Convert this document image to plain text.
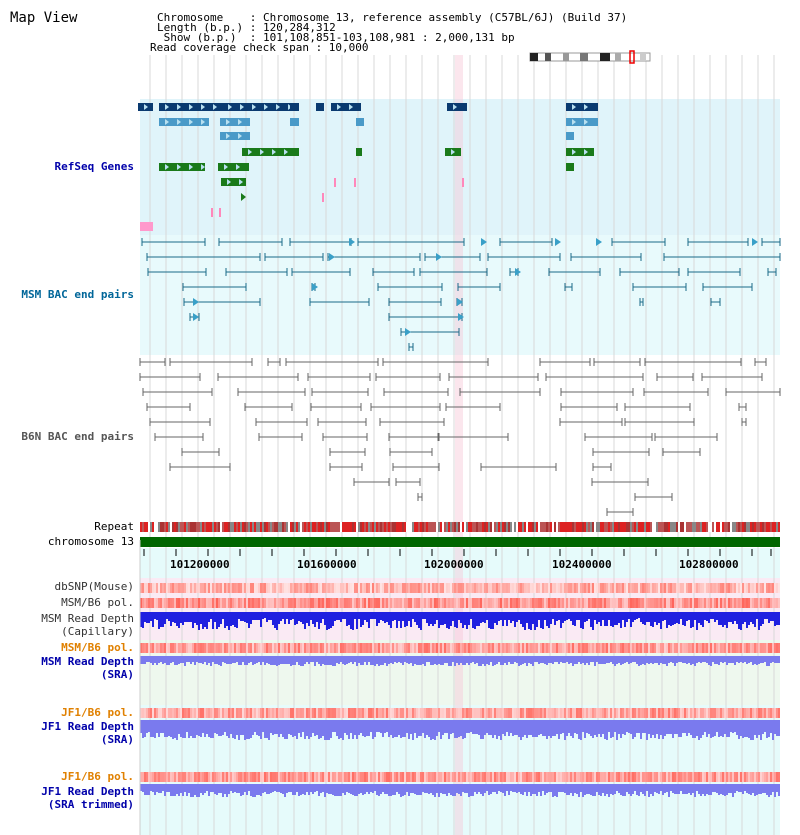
Map View	Chromosome    : Chromosome 13, reference assembly (C57BL/6J) (Build 37)
Length (b.p.) : 120,284,312
Show (b.p.)  : 101,108,851-103,108,981 : 2,000,131 bp
Read coverage check span : 10,000
RefSeq Genes
MSM BAC end pairs
B6N BAC end pairs
Repeat
chromosome 13
dbSNP(Mouse)
MSM/B6 pol.
MSM Read Depth
(Capillary)
MSM/B6 pol.
MSM Read Depth
(SRA)
JF1/B6 pol.
JF1 Read Depth
(SRA)
JF1/B6 pol.
JF1 Read Depth
(SRA trimmed)
101200000	101600000	102000000	102400000	102800000
